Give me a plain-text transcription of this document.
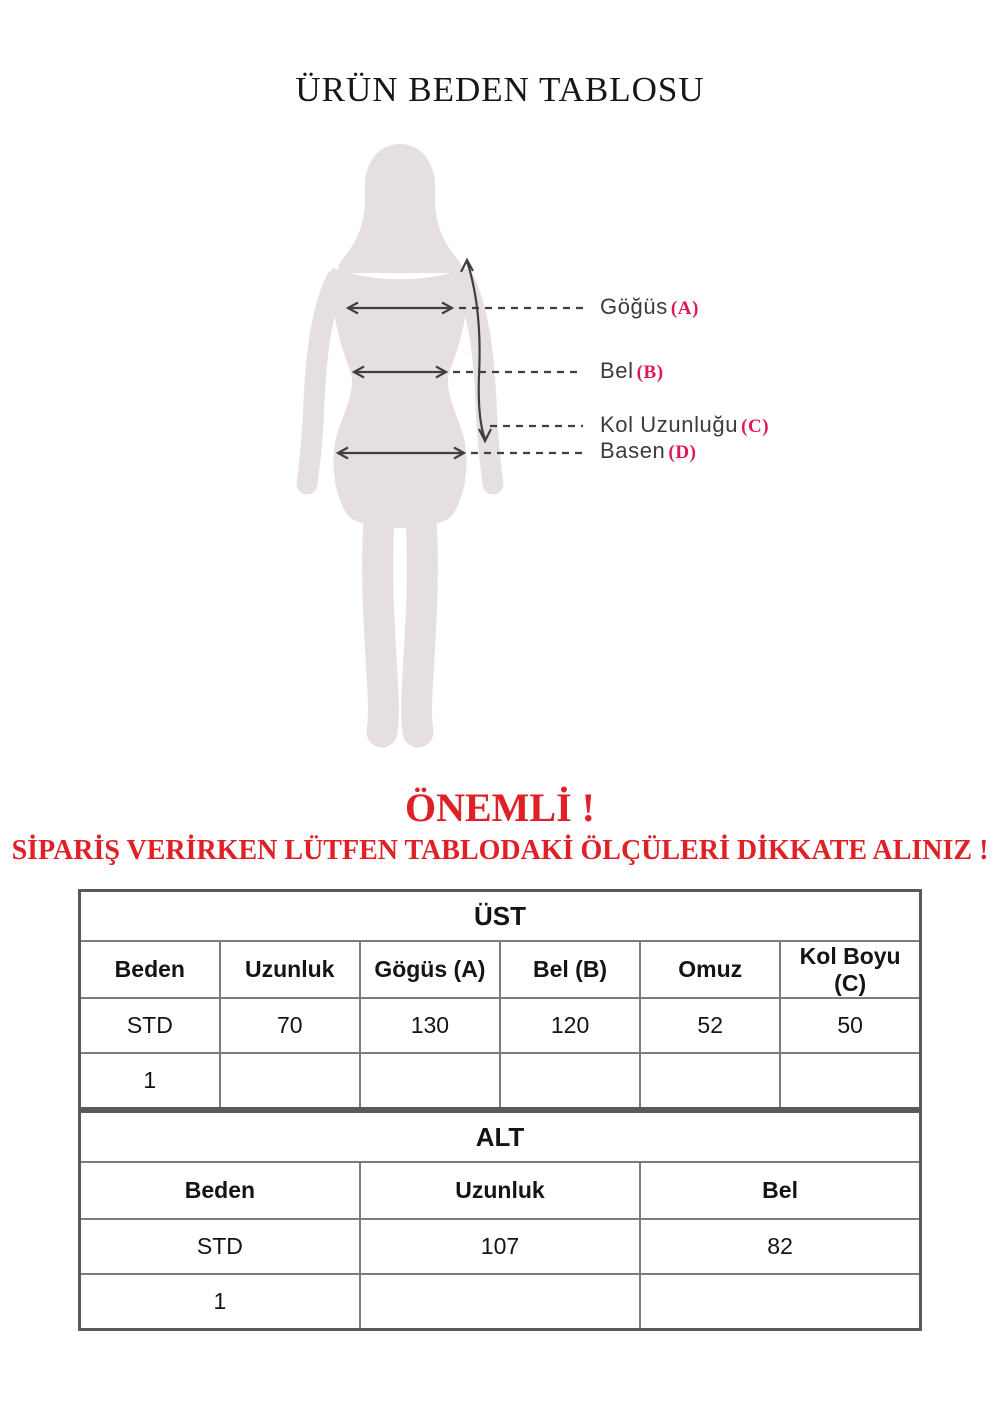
ÜRÜN BEDEN TABLOSU
Göğüs (A)
Bel (B)
Kol Uzunluğu (C)
Basen (D)
ÖNEMLİ !
SİPARİŞ VERİRKEN LÜTFEN TABLODAKİ ÖLÇÜLERİ DİKKATE ALINIZ !
ÜST					
Beden	Uzunluk	Gögüs (A)	Bel (B)	Omuz	Kol Boyu (C)
STD	70	130	120	52	50
1					
ALT		
Beden	Uzunluk	Bel
STD	107	82
1		
